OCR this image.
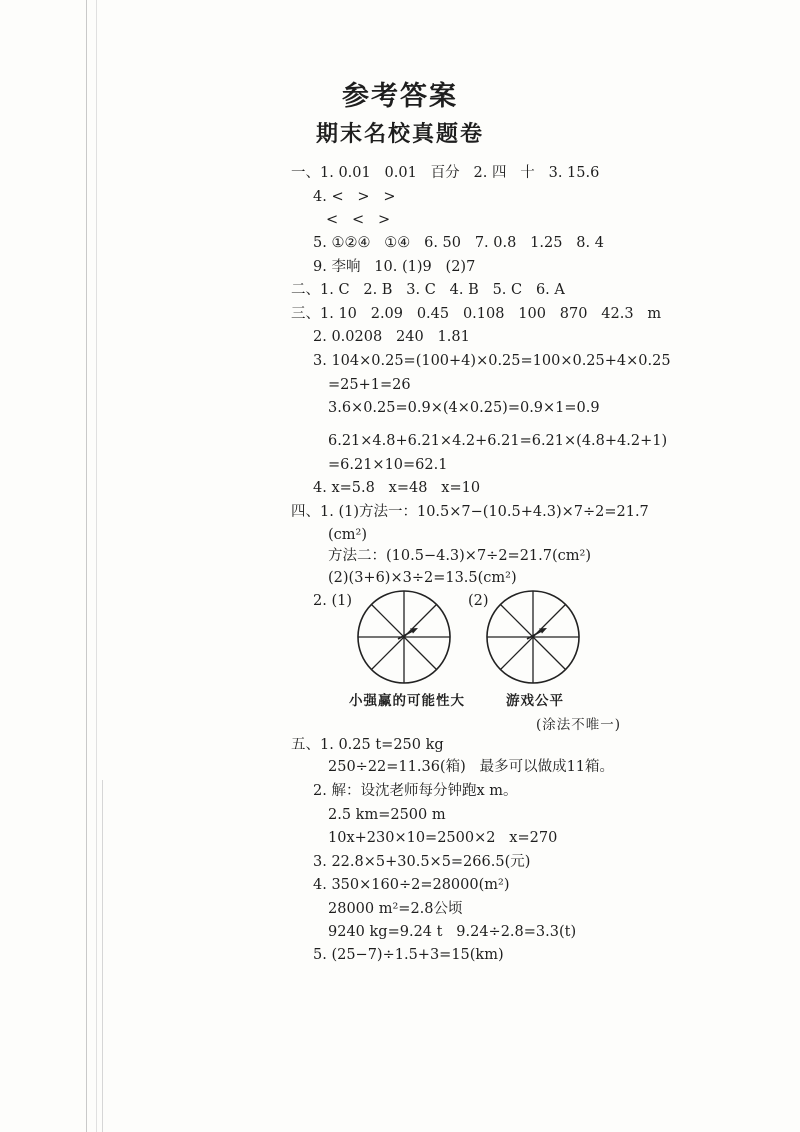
参考答案
期末名校真题卷
一、1. 0.01   0.01   百分   2. 四   十   3. 15.6
4. <   >   >
<   <   >
5. ①②④   ①④   6. 50   7. 0.8   1.25   8. 4
9. 李响   10. (1)9   (2)7
二、1. C   2. B   3. C   4. B   5. C   6. A
三、1. 10   2.09   0.45   0.108   100   870   42.3   m
2. 0.0208   240   1.81
3. 104×0.25=(100+4)×0.25=100×0.25+4×0.25
=25+1=26
3.6×0.25=0.9×(4×0.25)=0.9×1=0.9
6.21×4.8+6.21×4.2+6.21=6.21×(4.8+4.2+1)
=6.21×10=62.1
4. x=5.8   x=48   x=10
四、1. (1)方法一：10.5×7−(10.5+4.3)×7÷2=21.7
(cm²)
方法二：(10.5−4.3)×7÷2=21.7(cm²)
(2)(3+6)×3÷2=13.5(cm²)
2. (1)	(2)
小强赢的可能性大	游戏公平
(涂法不唯一)
五、1. 0.25 t=250 kg
250÷22=11.36(箱)   最多可以做成11箱。
2. 解：设沈老师每分钟跑x m。
2.5 km=2500 m
10x+230×10=2500×2   x=270
3. 22.8×5+30.5×5=266.5(元)
4. 350×160÷2=28000(m²)
28000 m²=2.8公顷
9240 kg=9.24 t   9.24÷2.8=3.3(t)
5. (25−7)÷1.5+3=15(km)
